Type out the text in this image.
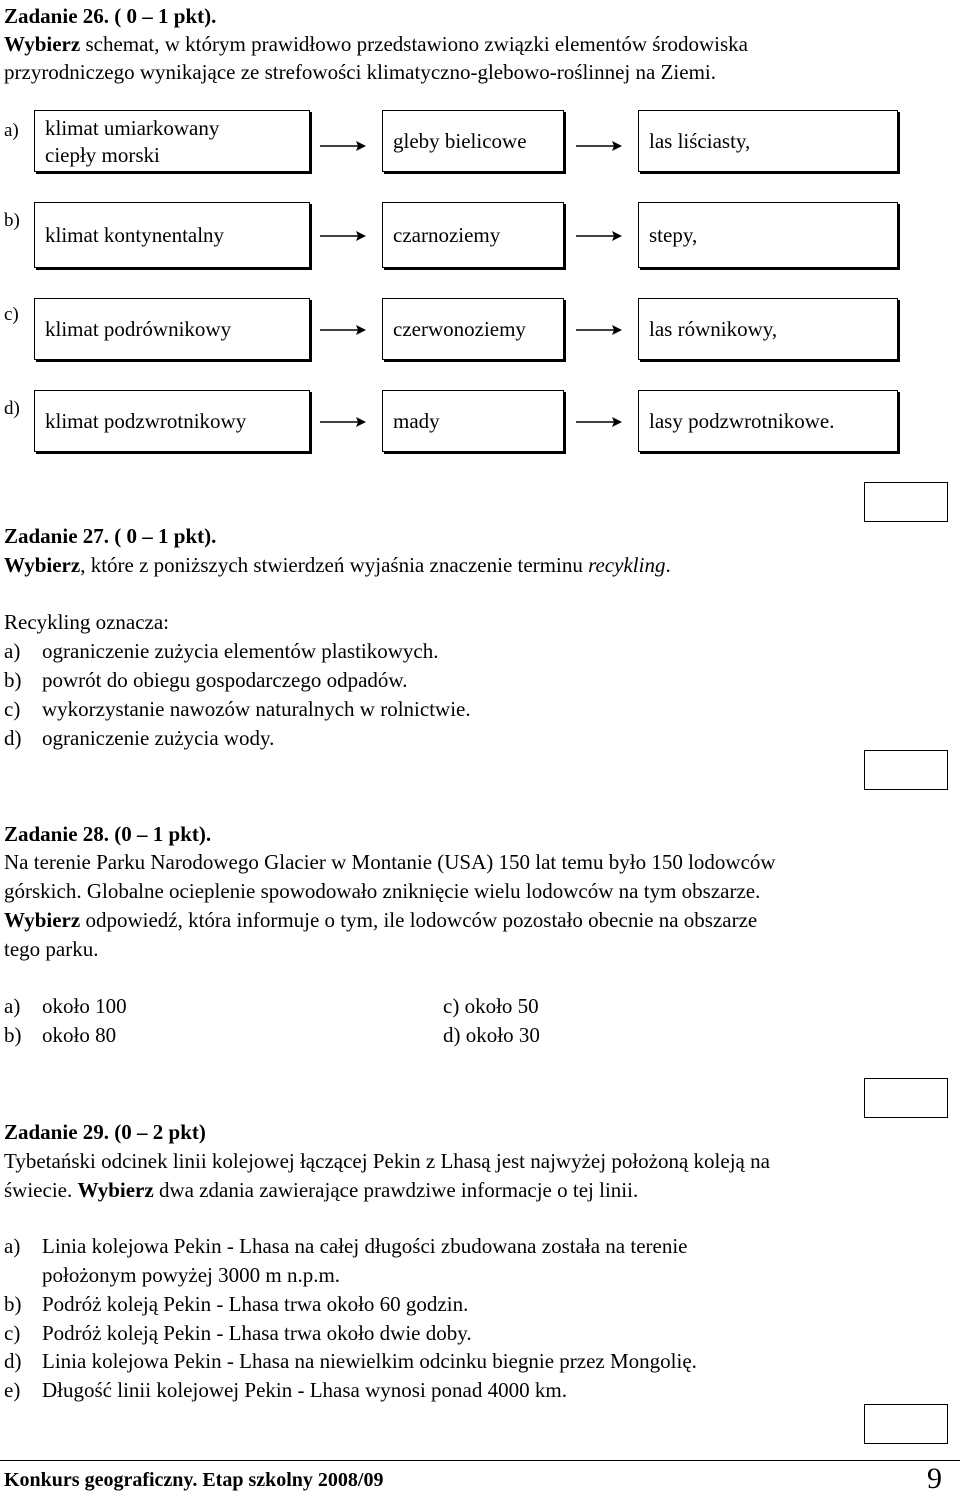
Zadanie 26. ( 0 – 1 pkt).
Wybierz schemat, w którym prawidłowo przedstawiono związki elementów środowiska
przyrodniczego wynikające ze strefowości klimatyczno-glebowo-roślinnej na Ziemi.
a) klimat umiarkowany
ciepły morski
gleby bielicowe	las liściasty,
b)
klimat kontynentalny	czarnoziemy	stepy,
c)
klimat podrównikowy	czerwonoziemy	las równikowy,
d) klimat podzwrotnikowy	mady	lasy podzwrotnikowe.
Zadanie 27. ( 0 – 1 pkt).
Wybierz, które z poniższych stwierdzeń wyjaśnia znaczenie terminu recykling.
Recykling oznacza:
a) ograniczenie zużycia elementów plastikowych.
b) powrót do obiegu gospodarczego odpadów.
c) wykorzystanie nawozów naturalnych w rolnictwie.
d) ograniczenie zużycia wody.
Zadanie 28. (0 – 1 pkt).
Na terenie Parku Narodowego Glacier w Montanie (USA) 150 lat temu było 150 lodowców
górskich. Globalne ocieplenie spowodowało zniknięcie wielu lodowców na tym obszarze.
Wybierz odpowiedź, która informuje o tym, ile lodowców pozostało obecnie na obszarze
tego parku.
a) około 100
b) około 80
c) około 50
d) około 30
Zadanie 29. (0 – 2 pkt)
Tybetański odcinek linii kolejowej łączącej Pekin z Lhasą jest najwyżej położoną koleją na
świecie. Wybierz dwa zdania zawierające prawdziwe informacje o tej linii.
a) Linia kolejowa Pekin - Lhasa na całej długości zbudowana została na terenie
położonym powyżej 3000 m n.p.m.
b) Podróż koleją Pekin - Lhasa trwa około 60 godzin.
c) Podróż koleją Pekin - Lhasa trwa około dwie doby.
d) Linia kolejowa Pekin - Lhasa na niewielkim odcinku biegnie przez Mongolię.
e) Długość linii kolejowej Pekin - Lhasa wynosi ponad 4000 km.
Konkurs geograficzny. Etap szkolny 2008/09	9
